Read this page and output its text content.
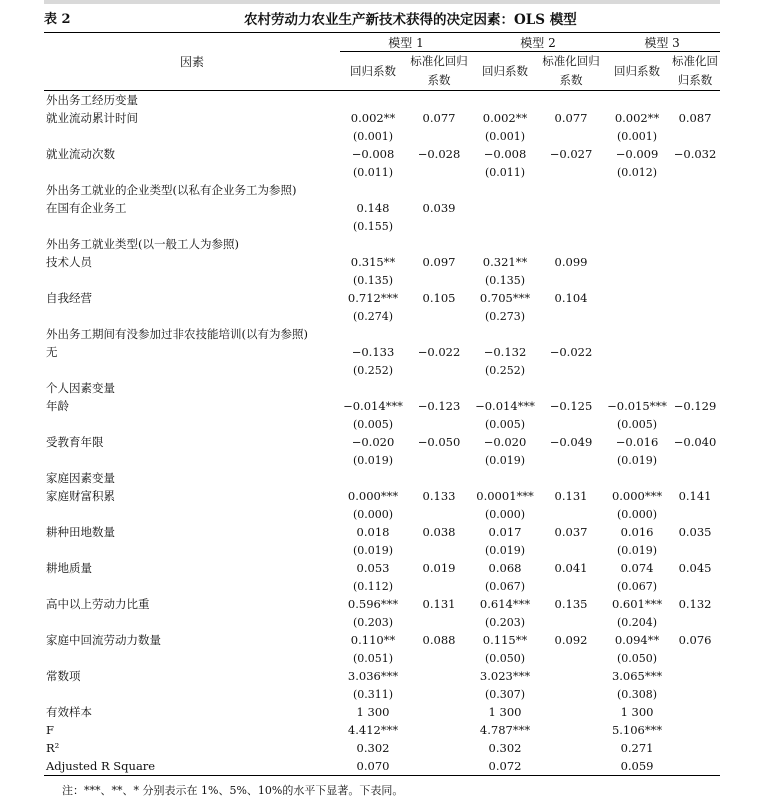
表 2	农村劳动力农业生产新技术获得的决定因素：OLS 模型
因素	模型 1		模型 2		模型 3	
	回归系数	标准化回归系数	回归系数	标准化回归系数	回归系数	标准化回归系数
外出务工经历变量						
就业流动累计时间	0.002**	0.077	0.002**	0.077	0.002**	0.087
	(0.001)		(0.001)		(0.001)	
就业流动次数	−0.008	−0.028	−0.008	−0.027	−0.009	−0.032
	(0.011)		(0.011)		(0.012)	
外出务工就业的企业类型(以私有企业务工为参照)						
在国有企业务工	0.148	0.039				
	(0.155)					
外出务工就业类型(以一般工人为参照)						
技术人员	0.315**	0.097	0.321**	0.099		
	(0.135)		(0.135)			
自我经营	0.712***	0.105	0.705***	0.104		
	(0.274)		(0.273)			
外出务工期间有没参加过非农技能培训(以有为参照)						
无	−0.133	−0.022	−0.132	−0.022		
	(0.252)		(0.252)			
个人因素变量						
年龄	−0.014***	−0.123	−0.014***	−0.125	−0.015***	−0.129
	(0.005)		(0.005)		(0.005)	
受教育年限	−0.020	−0.050	−0.020	−0.049	−0.016	−0.040
	(0.019)		(0.019)		(0.019)	
家庭因素变量						
家庭财富积累	0.000***	0.133	0.0001***	0.131	0.000***	0.141
	(0.000)		(0.000)		(0.000)	
耕种田地数量	0.018	0.038	0.017	0.037	0.016	0.035
	(0.019)		(0.019)		(0.019)	
耕地质量	0.053	0.019	0.068	0.041	0.074	0.045
	(0.112)		(0.067)		(0.067)	
高中以上劳动力比重	0.596***	0.131	0.614***	0.135	0.601***	0.132
	(0.203)		(0.203)		(0.204)	
家庭中回流劳动力数量	0.110**	0.088	0.115**	0.092	0.094**	0.076
	(0.051)		(0.050)		(0.050)	
常数项	3.036***		3.023***		3.065***	
	(0.311)		(0.307)		(0.308)	
有效样本	1 300		1 300		1 300	
F	4.412***		4.787***		5.106***	
R²	0.302		0.302		0.271	
Adjusted R Square	0.070		0.072		0.059	
注：***、**、* 分别表示在 1%、5%、10%的水平下显著。下表同。
